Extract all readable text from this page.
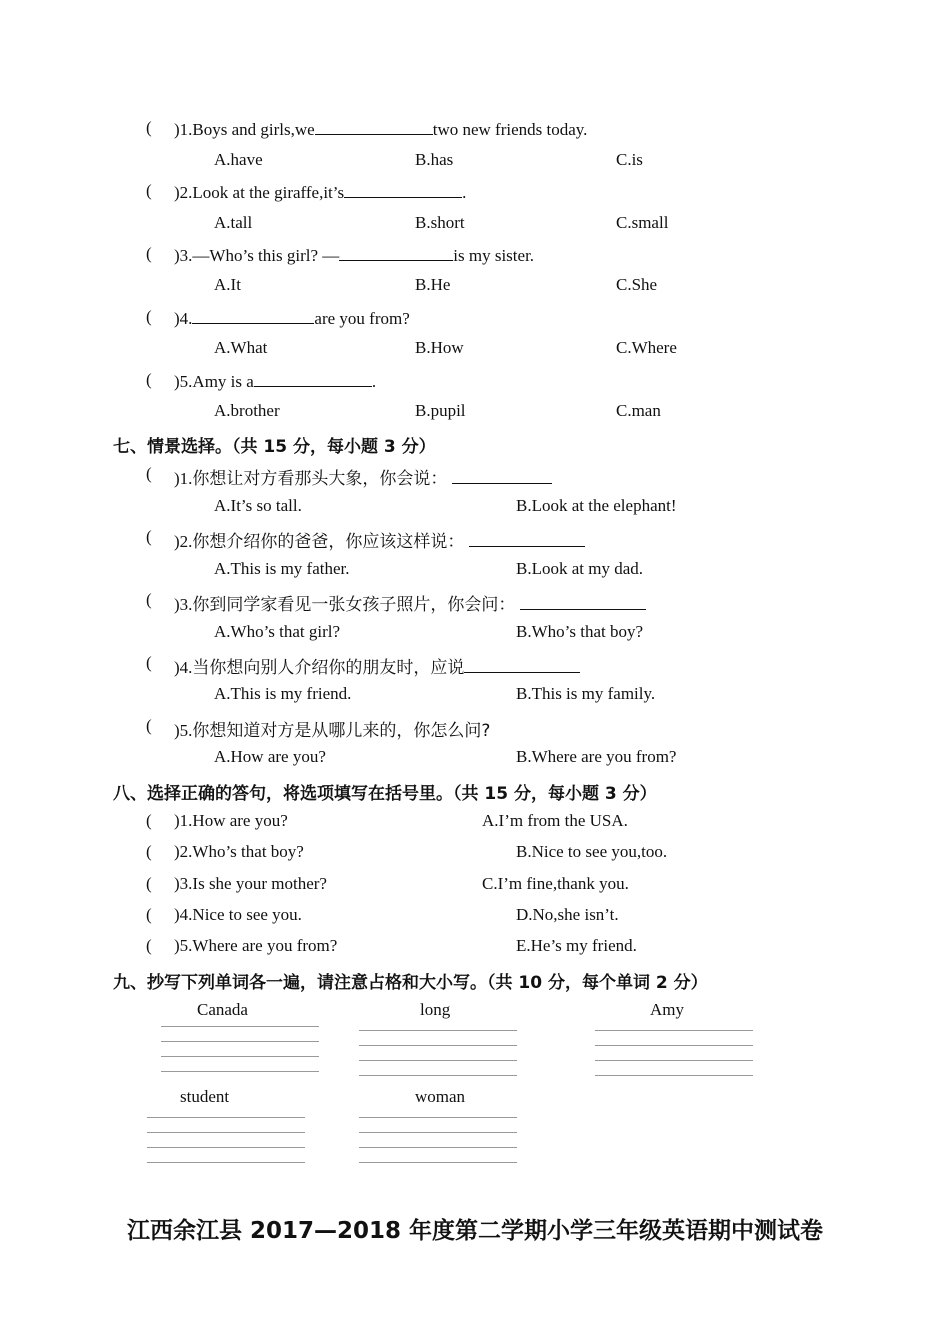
( )1.Boys and girls,we	two new friends today.
A.have	B.has	C.is
( )2.Look at the giraffe,it’s	.
A.tall	B.short	C.small
( )3.—Who’s this girl? —	is my sister.
A.It	B.He	C.She
( )4.	are you from?
A.What	B.How	C.Where
( )5.Amy is a	.
A.brother	B.pupil	C.man
七、情景选择。（共 15 分，每小题 3 分）
( )1.你想让对方看那头大象，你会说：
A.It’s so tall.	B.Look at the elephant!
( )2.你想介绍你的爸爸，你应该这样说：
A.This is my father.	B.Look at my dad.
( )3.你到同学家看见一张女孩子照片，你会问：
A.Who’s that girl?	B.Who’s that boy?
( )4.当你想向别人介绍你的朋友时，应说
A.This is my friend.	B.This is my family.
( )5.你想知道对方是从哪儿来的，你怎么问?
A.How are you?	B.Where are you from?
八、选择正确的答句，将选项填写在括号里。（共 15 分，每小题 3 分）
( )1.How are you?	A.I’m from the USA.
( )2.Who’s that boy?	B.Nice to see you,too.
( )3.Is she your mother?	C.I’m fine,thank you.
( )4.Nice to see you.	D.No,she isn’t.
( )5.Where are you from?	E.He’s my friend.
九、抄写下列单词各一遍，请注意占格和大小写。（共 10 分，每个单词 2 分）
Canada	long	Amy
student	woman
江西余江县 2017—2018 年度第二学期小学三年级英语期中测试卷
